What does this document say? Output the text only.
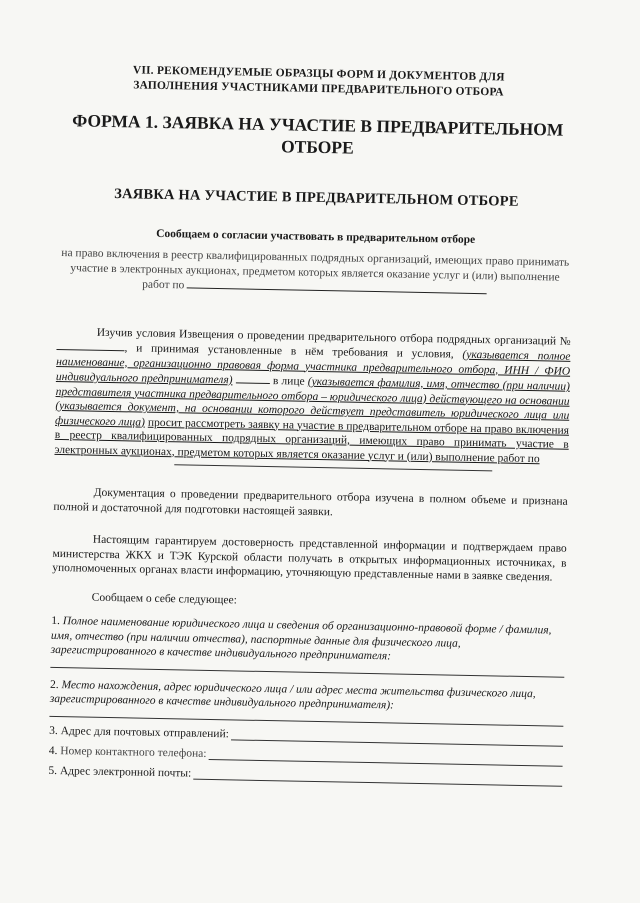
VII. РЕКОМЕНДУЕМЫЕ ОБРАЗЦЫ ФОРМ И ДОКУМЕНТОВ ДЛЯ
ЗАПОЛНЕНИЯ УЧАСТНИКАМИ ПРЕДВАРИТЕЛЬНОГО ОТБОРА
ФОРМА 1. ЗАЯВКА НА УЧАСТИЕ В ПРЕДВАРИТЕЛЬНОМ
ОТБОРЕ
ЗАЯВКА НА УЧАСТИЕ В ПРЕДВАРИТЕЛЬНОМ ОТБОРЕ
Сообщаем о согласии участвовать в предварительном отборе

на право включения в реестр квалифицированных подрядных организаций, имеющих право принимать участие в электронных аукционах, предметом которых является оказание услуг и (или) выполнение работ по

Изучив условия Извещения о проведении предварительного отбора подрядных организаций №, и принимая установленные в нём требования и условия, (указывается полное наименование, организационно правовая форма участника предварительного отбора, ИНН / ФИО индивидуального предпринимателя)	в лице (указывается фамилия, имя, отчество (при наличии) представителя участника предварительного отбора – юридического лица) действующего на основании (указывается документ, на основании которого действует представитель юридического лица или физического лица) просит рассмотреть заявку на участие в предварительном отборе на право включения в реестр квалифицированных подрядных организаций, имеющих право принимать участие в электронных аукционах, предметом которых является оказание услуг и (или) выполнение работ по

Документация о проведении предварительного отбора изучена в полном объеме и признана полной и достаточной для подготовки настоящей заявки.

Настоящим гарантируем достоверность представленной информации и подтверждаем право министерства ЖКХ и ТЭК Курской области получать в открытых информационных источниках, в уполномоченных органах власти информацию, уточняющую представленные нами в заявке сведения.

Сообщаем о себе следующее:

1. Полное наименование юридического лица и сведения об организационно-правовой форме / фамилия, имя, отчество (при наличии отчества), паспортные данные для физического лица, зарегистрированного в качестве индивидуального предпринимателя:
2. Место нахождения, адрес юридического лица / или адрес места жительства физического лица, зарегистрированного в качестве индивидуального предпринимателя):
3.
Адрес для почтовых отправлений:
4.
Номер контактного телефона:
5.
Адрес электронной почты:
